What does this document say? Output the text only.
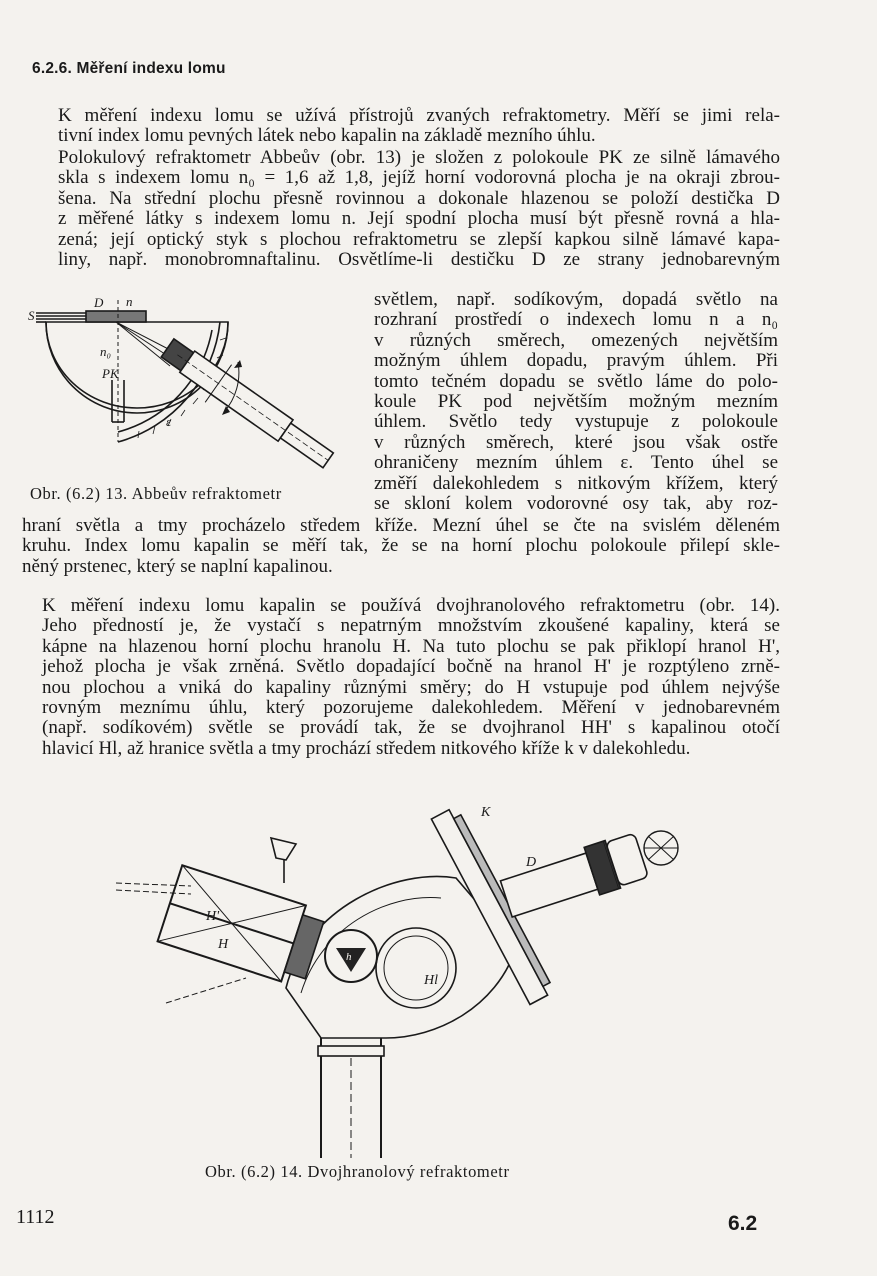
6.2.6. Měření indexu lomu

K měření indexu lomu se užívá přístrojů zvaných refraktometry. Měří se jimi rela-
tivní index lomu pevných látek nebo kapalin na základě mezního úhlu.

Polokulový refraktometr Abbeův (obr. 13) je složen z polokoule PK ze silně lámavého
skla s indexem lomu n₀ = 1,6 až 1,8, jejíž horní vodorovná plocha je na okraji zbrou-
šena. Na střední plochu přesně rovinnou a dokonale hlazenou se položí destička D
z měřené látky s indexem lomu n. Její spodní plocha musí být přesně rovná a hla-
zená; její optický styk s plochou refraktometru se zlepší kapkou silně lámavé kapa-
liny, např. monobromnaftalinu. Osvětlíme-li destičku D ze strany jednobarevným

světlem, např. sodíkovým, dopadá světlo na
rozhraní prostředí o indexech lomu n a n₀
v různých směrech, omezených největším
možným úhlem dopadu, pravým úhlem. Při
tomto tečném dopadu se světlo láme do polo-
koule PK pod největším možným mezním
úhlem. Světlo tedy vystupuje z polokoule
v různých směrech, které jsou však ostře
ohraničeny mezním úhlem ε. Tento úhel se
změří dalekohledem s nitkovým křížem, který
se skloní kolem vodorovné osy tak, aby roz-

S
D n
n₀
PK
ε
Obr. (6.2) 13. Abbeův refraktometr

hraní světla a tmy procházelo středem kříže. Mezní úhel se čte na svislém děleném
kruhu. Index lomu kapalin se měří tak, že se na horní plochu polokoule přilepí skle-
něný prstenec, který se naplní kapalinou.

K měření indexu lomu kapalin se používá dvojhranolového refraktometru (obr. 14).
Jeho předností je, že vystačí s nepatrným množstvím zkoušené kapaliny, která se
kápne na hlazenou horní plochu hranolu H. Na tuto plochu se pak přiklopí hranol H',
jehož plocha je však zrněná. Světlo dopadající bočně na hranol H' je rozptýleno zrně-
nou plochou a vniká do kapaliny různými směry; do H vstupuje pod úhlem nejvýše
rovným meznímu úhlu, který pozorujeme dalekohledem. Měření v jednobarevném
(např. sodíkovém) světle se provádí tak, že se dvojhranol HH' s kapalinou otočí
hlavicí Hl, až hranice světla a tmy prochází středem nitkového kříže k v dalekohledu.

K
D
H'
H
h
Hl
Obr. (6.2) 14. Dvojhranolový refraktometr
1112	6.2
